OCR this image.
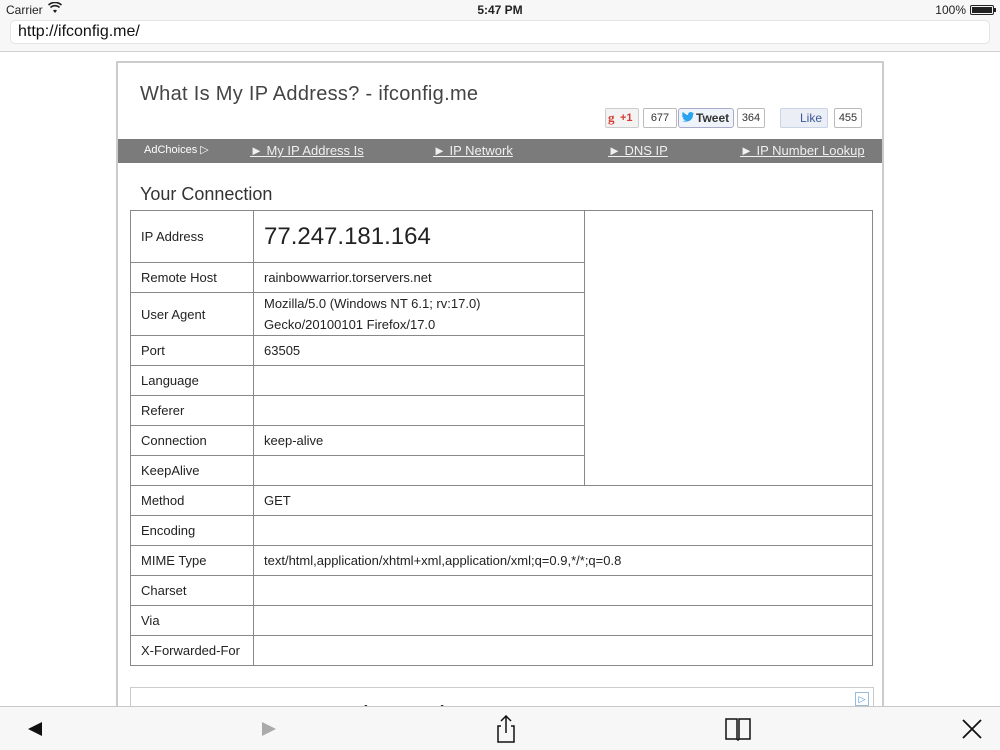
Carrier	5:47 PM	100%
http://ifconfig.me/
What Is My IP Address? - ifconfig.me
g +1	677	Tweet	364	Like	455
AdChoices ▷	► My IP Address Is	► IP Network	► DNS IP	► IP Number Lookup
Your Connection
IP Address	77.247.181.164	
Remote Host	rainbowwarrior.torservers.net	
User Agent	Mozilla/5.0 (Windows NT 6.1; rv:17.0)
Gecko/20100101 Firefox/17.0	
Port	63505	
Language		
Referer		
Connection	keep-alive	
KeepAlive		
Method	GET	
Encoding		
MIME Type	text/html,application/xhtml+xml,application/xml;q=0.9,*/*;q=0.8	
Charset		
Via		
X-Forwarded-For		
▷
